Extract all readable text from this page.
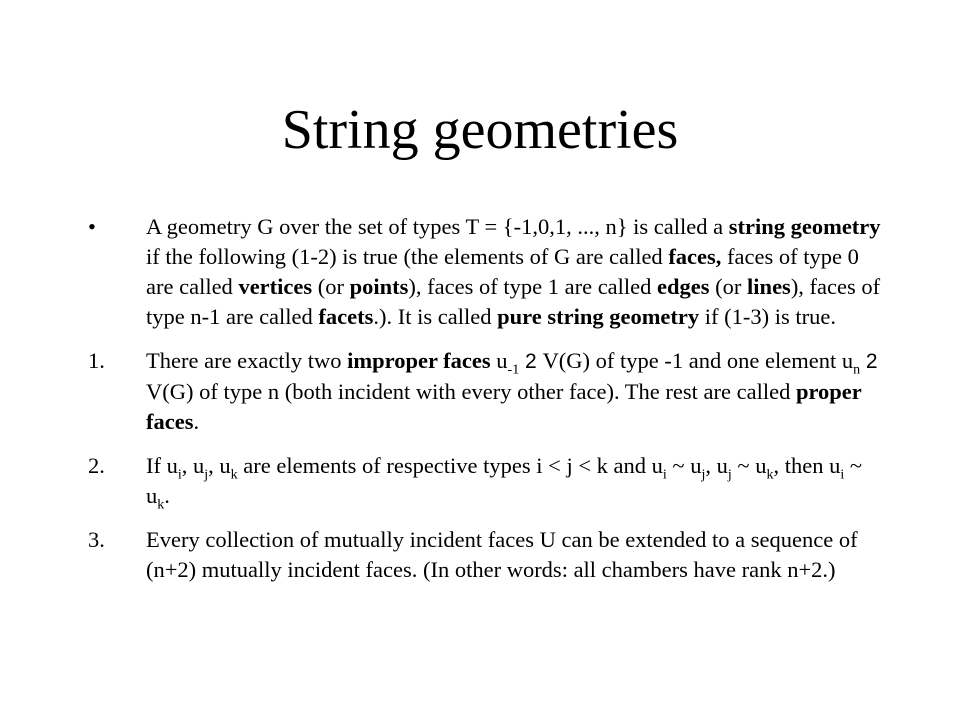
String geometries
• A geometry G over the set of types T = {-1,0,1, ..., n} is called a string geometry if the following (1-2) is true (the elements of G are called faces, faces of type 0 are called vertices (or points), faces of type 1 are called edges (or lines), faces of type n-1 are called facets.). It is called pure string geometry if (1-3) is true.
1. There are exactly two improper faces $u_{-1}$ 2 V(G) of type -1 and one element $u_n$ 2 V(G) of type n (both incident with every other face). The rest are called proper faces.
2. If $u_i$, $u_j$, $u_k$ are elements of respective types i < j < k and $u_i$ ~ $u_j$, $u_j$ ~ $u_k$, then $u_i$ ~ $u_k$.
3. Every collection of mutually incident faces U can be extended to a sequence of (n+2) mutually incident faces. (In other words: all chambers have rank n+2.)
